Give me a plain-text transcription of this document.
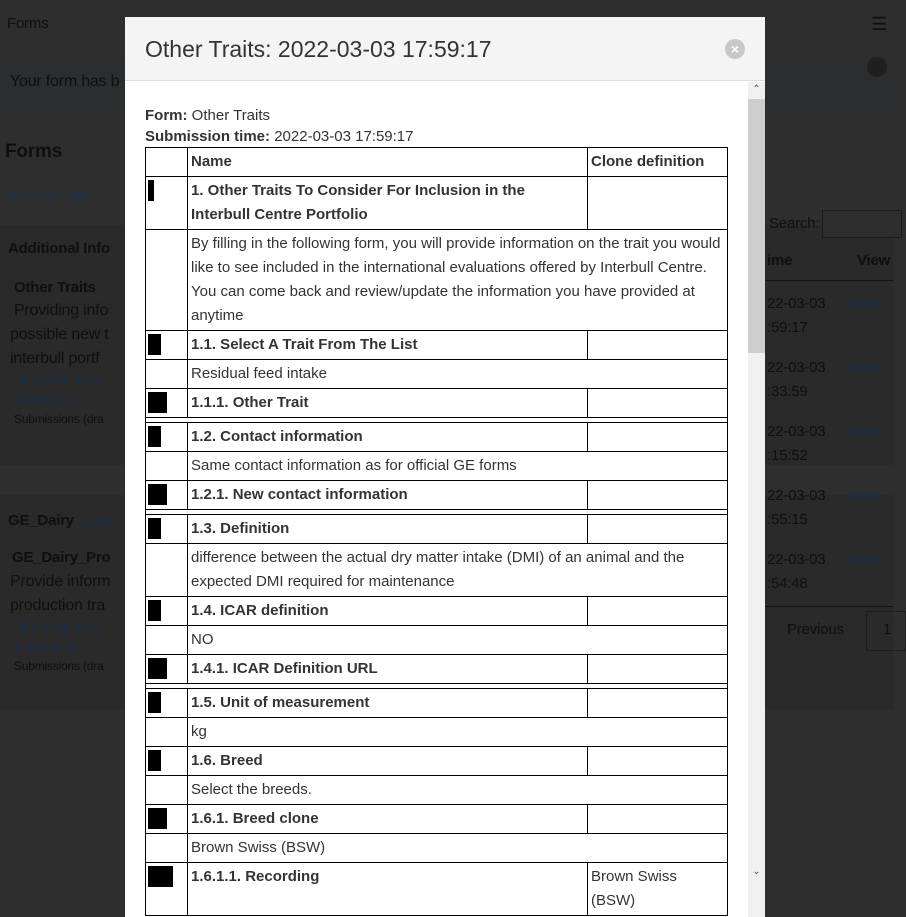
Forms	☰
Your form has b
Forms
Create new form
Additional Info
Other Traits
Providing info
possible new t
interbull portf
Fill in blank form
Delete form
Submissions (dra
GE_Dairy show/h
GE_Dairy_Pro
Provide inform
production tra
Fill in blank form
Delete form
Submissions (dra
Search:
ime	View
22-03-03
:59:17
view
22-03-03
:33:59
view
22-03-03
:15:52
view
22-03-03
:55:15
view
22-03-03
:54:48
view
Previous	1
Other Traits: 2022-03-03 17:59:17	×
Form: Other Traits
Submission time: 2022-03-03 17:59:17
	Name	Clone definition

	1. Other Traits To Consider For Inclusion in the Interbull Centre Portfolio	
	By filling in the following form, you will provide information on the trait you would like to see included in the international evaluations offered by Interbull Centre. You can come back and review/update the information you have provided at anytime	

	1.1. Select A Trait From The List	
	Residual feed intake	

	1.1.1. Other Trait	

	1.2. Contact information	
	Same contact information as for official GE forms	

	1.2.1. New contact information	

	1.3. Definition	
	difference between the actual dry matter intake (DMI) of an animal and the expected DMI required for maintenance	

	1.4. ICAR definition	
	NO	

	1.4.1. ICAR Definition URL	

	1.5. Unit of measurement	
	kg	

	1.6. Breed	
	Select the breeds.	

	1.6.1. Breed clone	
	Brown Swiss (BSW)	

	1.6.1.1. Recording	Brown Swiss (BSW)
⌃
⌄
